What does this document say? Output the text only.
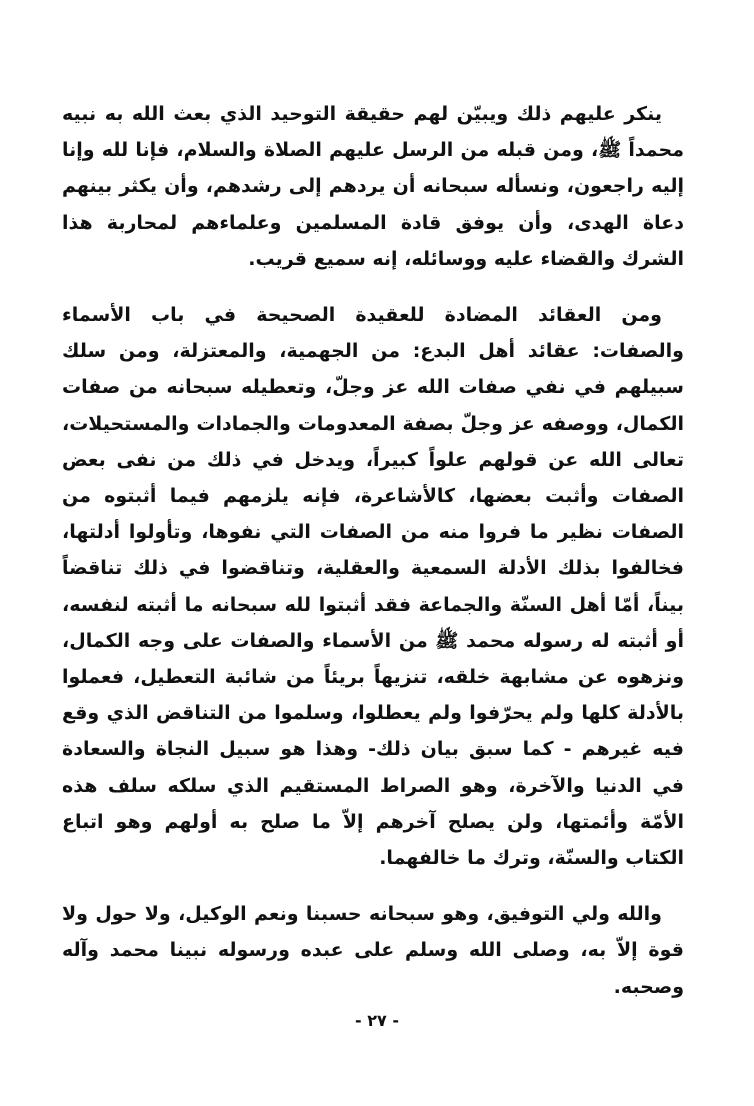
ينكر عليهم ذلك ويبيّن لهم حقيقة التوحيد الذي بعث الله به نبيه محمداً ﷺ، ومن قبله من الرسل عليهم الصلاة والسلام، فإنا لله وإنا إليه راجعون، ونسأله سبحانه أن يردهم إلى رشدهم، وأن يكثر بينهم دعاة الهدى، وأن يوفق قادة المسلمين وعلماءهم لمحاربة هذا الشرك والقضاء عليه ووسائله، إنه سميع قريب.

ومن العقائد المضادة للعقيدة الصحيحة في باب الأسماء والصفات: عقائد أهل البدع: من الجهمية، والمعتزلة، ومن سلك سبيلهم في نفي صفات الله عز وجلّ، وتعطيله سبحانه من صفات الكمال، ووصفه عز وجلّ بصفة المعدومات والجمادات والمستحيلات، تعالى الله عن قولهم علواً كبيراً، ويدخل في ذلك من نفى بعض الصفات وأثبت بعضها، كالأشاعرة، فإنه يلزمهم فيما أثبتوه من الصفات نظير ما فروا منه من الصفات التي نفوها، وتأولوا أدلتها، فخالفوا بذلك الأدلة السمعية والعقلية، وتناقضوا في ذلك تناقضاً بيناً، أمّا أهل السنّة والجماعة فقد أثبتوا لله سبحانه ما أثبته لنفسه، أو أثبته له رسوله محمد ﷺ من الأسماء والصفات على وجه الكمال، ونزهوه عن مشابهة خلقه، تنزيهاً بريئاً من شائبة التعطيل، فعملوا بالأدلة كلها ولم يحرّفوا ولم يعطلوا، وسلموا من التناقض الذي وقع فيه غيرهم - كما سبق بيان ذلك- وهذا هو سبيل النجاة والسعادة في الدنيا والآخرة، وهو الصراط المستقيم الذي سلكه سلف هذه الأمّة وأئمتها، ولن يصلح آخرهم إلاّ ما صلح به أولهم وهو اتباع الكتاب والسنّة، وترك ما خالفهما.

والله ولي التوفيق، وهو سبحانه حسبنا ونعم الوكيل، ولا حول ولا قوة إلاّ به، وصلى الله وسلم على عبده ورسوله نبينا محمد وآله وصحبه.

- ٢٧ -
